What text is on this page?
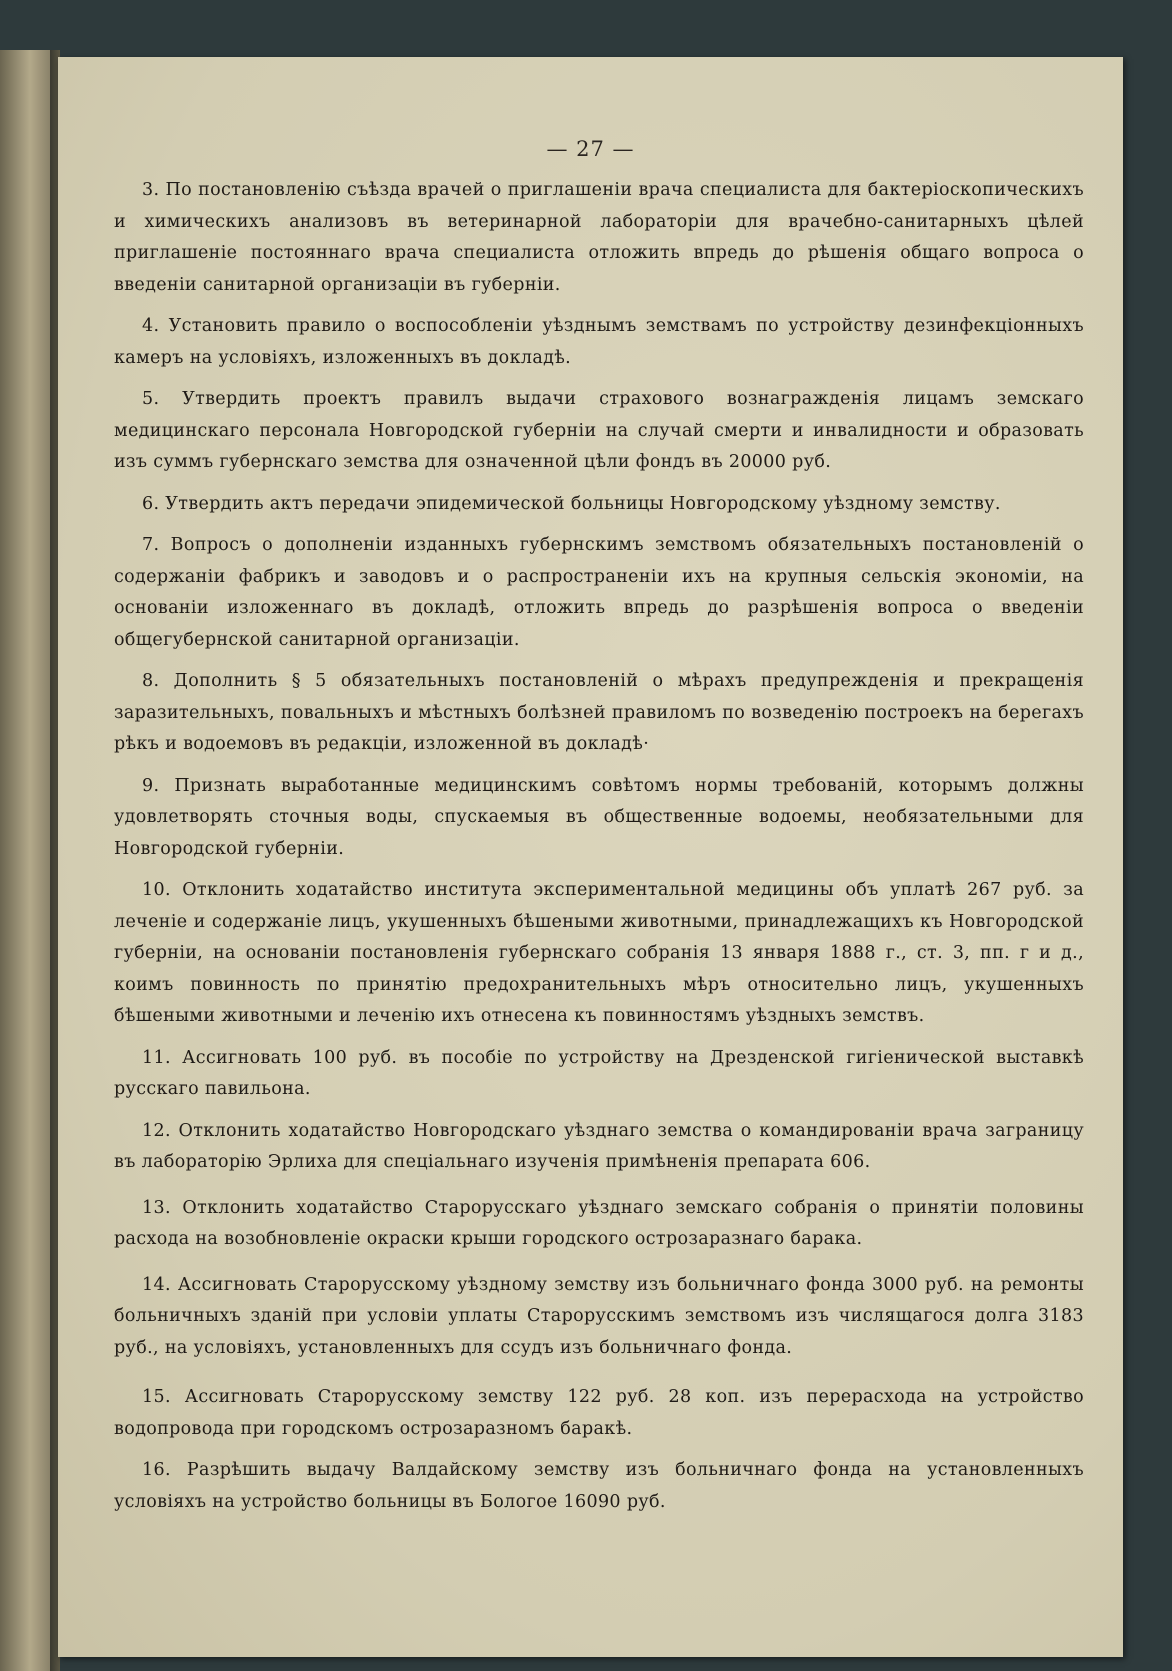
— 27 —

3. По постановленію съѣзда врачей о приглашеніи врача специалиста для бактеріоскопическихъ и химическихъ анализовъ въ ветеринарной лабораторіи для врачебно-санитарныхъ цѣлей приглашеніе постояннаго врача специалиста отложить впредь до рѣшенія общаго вопроса о введеніи санитарной организаціи въ губерніи.

4. Установить правило о воспособленіи уѣзднымъ земствамъ по устройству дезинфекціонныхъ камеръ на условіяхъ, изложенныхъ въ докладѣ.

5. Утвердить проектъ правилъ выдачи страхового вознагражденія лицамъ земскаго медицинскаго персонала Новгородской губерніи на случай смерти и инвалидности и образовать изъ суммъ губернскаго земства для означенной цѣли фондъ въ 20000 руб.

6. Утвердить актъ передачи эпидемической больницы Новгородскому уѣздному земству.

7. Вопросъ о дополненіи изданныхъ губернскимъ земствомъ обязательныхъ постановленій о содержаніи фабрикъ и заводовъ и о распространеніи ихъ на крупныя сельскія экономіи, на основаніи изложеннаго въ докладѣ, отложить впредь до разрѣшенія вопроса о введеніи общегубернской санитарной организаціи.

8. Дополнить § 5 обязательныхъ постановленій о мѣрахъ предупрежденія и прекращенія заразительныхъ, повальныхъ и мѣстныхъ болѣзней правиломъ по возведенію построекъ на берегахъ рѣкъ и водоемовъ въ редакціи, изложенной въ докладѣ·

9. Признать выработанные медицинскимъ совѣтомъ нормы требованій, которымъ должны удовлетворять сточныя воды, спускаемыя въ общественные водоемы, необязательными для Новгородской губерніи.

10. Отклонить ходатайство института экспериментальной медицины объ уплатѣ 267 руб. за леченіе и содержаніе лицъ, укушенныхъ бѣшеными животными, принадлежащихъ къ Новгородской губерніи, на основаніи постановленія губернскаго собранія 13 января 1888 г., ст. 3, пп. г и д., коимъ повинность по принятію предохранительныхъ мѣръ относительно лицъ, укушенныхъ бѣшеными животными и леченію ихъ отнесена къ повинностямъ уѣздныхъ земствъ.

11. Ассигновать 100 руб. въ пособіе по устройству на Дрезденской гигіенической выставкѣ русскаго павильона.

12. Отклонить ходатайство Новгородскаго уѣзднаго земства о командированіи врача заграницу въ лабораторію Эрлиха для спеціальнаго изученія примѣненія препарата 606.

13. Отклонить ходатайство Старорусскаго уѣзднаго земскаго собранія о принятіи половины расхода на возобновленіе окраски крыши городского острозаразнаго барака.

14. Ассигновать Старорусскому уѣздному земству изъ больничнаго фонда 3000 руб. на ремонты больничныхъ зданій при условіи уплаты Старорусскимъ земствомъ изъ числящагося долга 3183 руб., на условіяхъ, установленныхъ для ссудъ изъ больничнаго фонда.

15. Ассигновать Старорусскому земству 122 руб. 28 коп. изъ перерасхода на устройство водопровода при городскомъ острозаразномъ баракѣ.

16. Разрѣшить выдачу Валдайскому земству изъ больничнаго фонда на установленныхъ условіяхъ на устройство больницы въ Бологое 16090 руб.
